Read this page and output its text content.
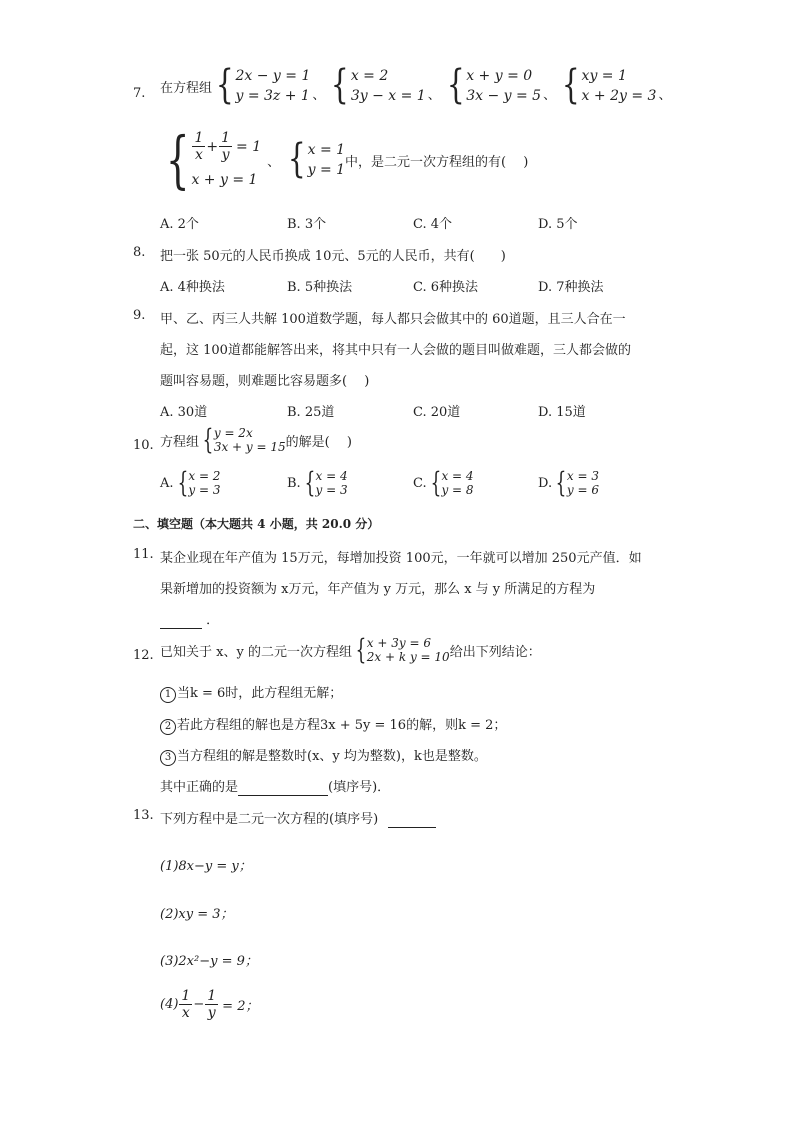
7. 在方程组 { 2x − y = 1
y = 3z + 1 、 { x = 2
3y − x = 1 、 { x + y = 0
3x − y = 5 、 { xy = 1
x + 2y = 3 、
{ $\frac{1}{x} + \frac{1}{y} = 1$
x + y = 1
、 { x = 1
y = 1 中，是二元一次方程组的有(　 )
A. 2个	B. 3个	C. 4个	D. 5个
8. 把一张 50元的人民币换成 10元、5元的人民币，共有(　　)
A. 4种换法	B. 5种换法	C. 6种换法	D. 7种换法
9. 甲、乙、丙三人共解 100道数学题，每人都只会做其中的 60道题，且三人合在一
起，这 100道都能解答出来，将其中只有一人会做的题目叫做难题，三人都会做的
题叫容易题，则难题比容易题多(　 )
A. 30道	B. 25道	C. 20道	D. 15道
10. 方程组 { y = 2x
3x + y = 15 的解是(　 )
A. { x = 2
y = 3	B. { x = 4
y = 3	C. { x = 4
y = 8	D. { x = 3
y = 6
二、填空题（本大题共 4 小题，共 20.0 分）
11. 某企业现在年产值为 15万元，每增加投资 100元，一年就可以增加 250元产值．如
果新增加的投资额为 x万元，年产值为 y 万元，那么 x 与 y 所满足的方程为
．
12. 已知关于 x、y 的二元一次方程组 { x + 3y = 6
2x + k y = 10 给出下列结论：
1 当k = 6时，此方程组无解；
2 若此方程组的解也是方程3x + 5y = 16的解，则k = 2；
3 当方程组的解是整数时(x、y 均为整数)，k也是整数。
其中正确的是	(填序号)．
13. 下列方程中是二元一次方程的(填序号)
(1)8x−y = y；
(2)xy = 3；
(3)2x²−y = 9；
$(4) \frac{1}{x} - \frac{1}{y} = 2$；
